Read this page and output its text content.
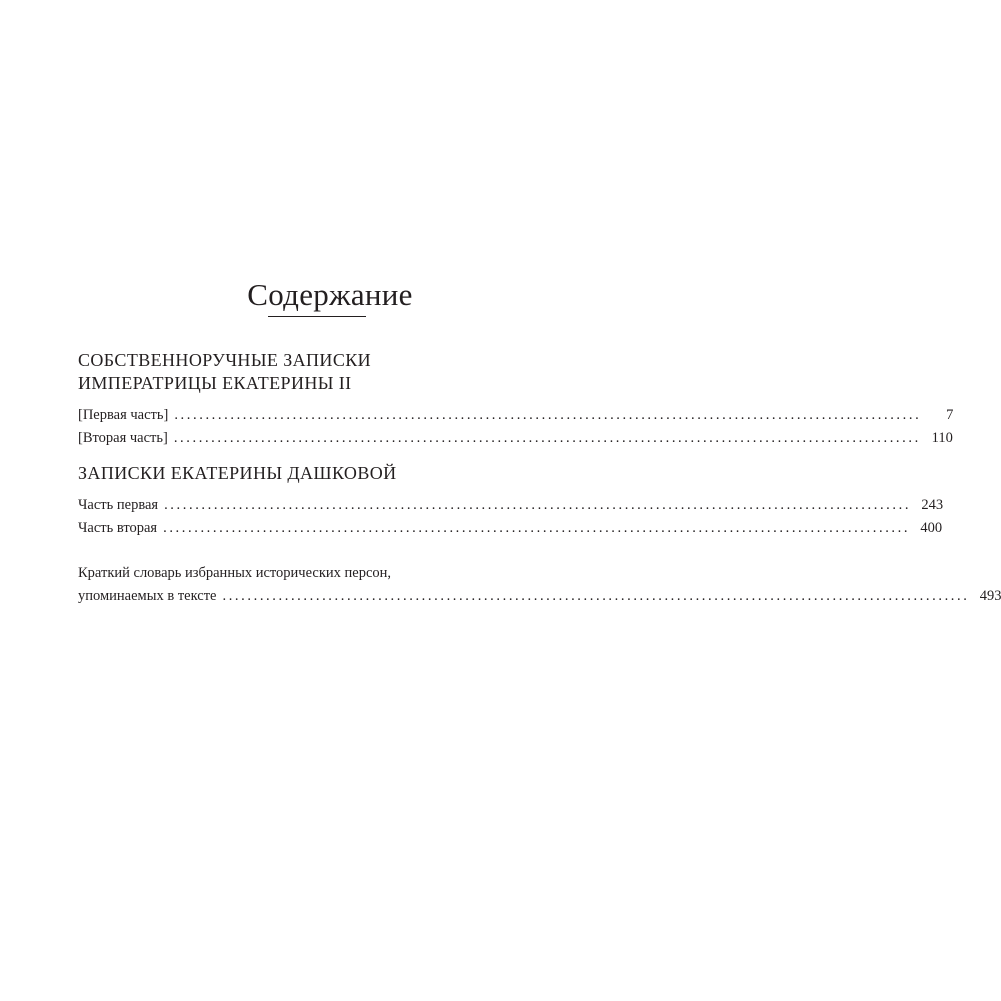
Содержание
СОБСТВЕННОРУЧНЫЕ ЗАПИСКИ
ИМПЕРАТРИЦЫ ЕКАТЕРИНЫ II
[Первая часть] ........................................................................................................................	7
[Вторая часть] ........................................................................................................................ 110
ЗАПИСКИ ЕКАТЕРИНЫ ДАШКОВОЙ
Часть первая ........................................................................................................................ 243
Часть вторая ........................................................................................................................ 400
Краткий словарь избранных исторических персон,
упоминаемых в тексте ........................................................................................................................ 493
